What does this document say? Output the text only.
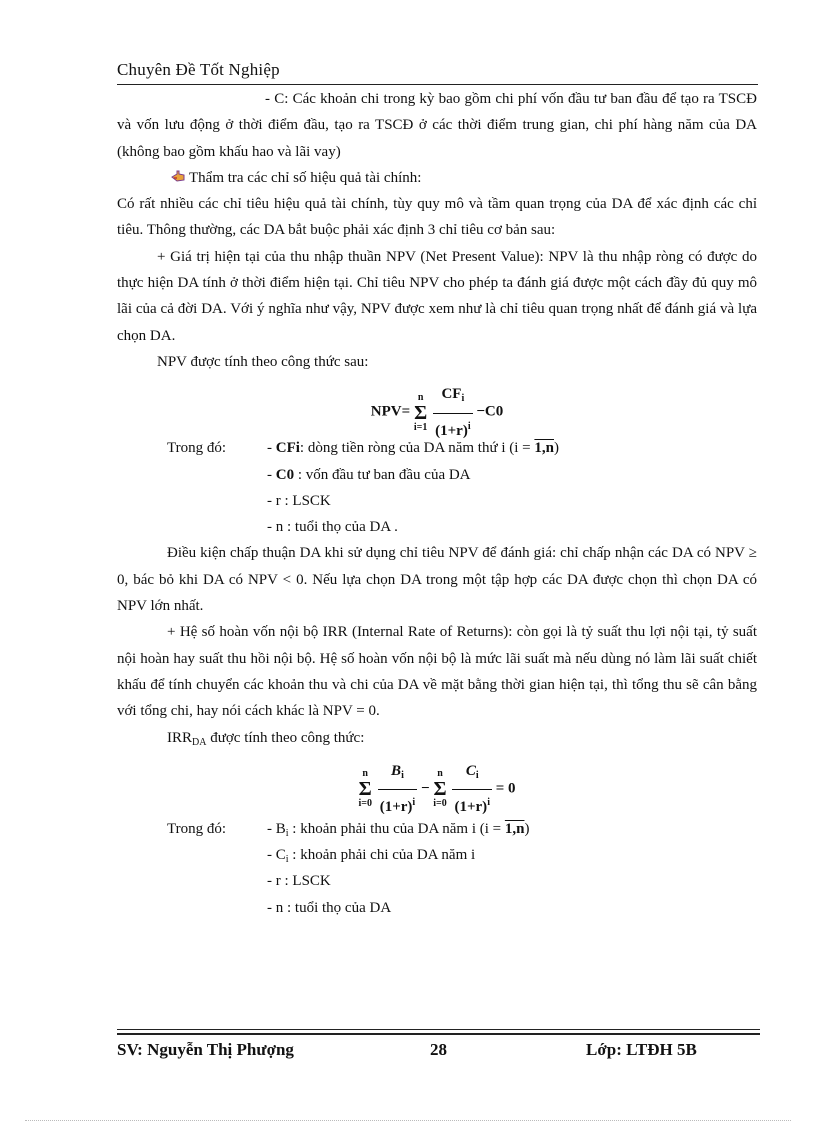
Chuyên Đề Tốt Nghiệp

- C: Các khoản chi trong kỳ bao gồm chi phí vốn đầu tư ban đầu để tạo ra TSCĐ và vốn lưu động ở thời điểm đầu, tạo ra TSCĐ ở các thời điểm trung gian, chi phí hàng năm của DA (không bao gồm khấu hao và lãi vay)

Thẩm tra các chỉ số hiệu quả tài chính:

Có rất nhiều các chỉ tiêu hiệu quả tài chính, tùy quy mô và tầm quan trọng của DA để xác định các chỉ tiêu. Thông thường, các DA bắt buộc phải xác định 3 chỉ tiêu cơ bản sau:

+ Giá trị hiện tại của thu nhập thuần NPV (Net Present Value): NPV là thu nhập ròng có được do thực hiện DA tính ở thời điểm hiện tại. Chỉ tiêu NPV cho phép ta đánh giá được một cách đầy đủ quy mô lãi của cả đời DA. Với ý nghĩa như vậy, NPV được xem như là chỉ tiêu quan trọng nhất để đánh giá và lựa chọn DA.

NPV được tính theo công thức sau:

NPV= n
Σ
$i=1 \frac{CF_i}{(1+r)^i} -C0$
Trong đó:	- CFi: dòng tiền ròng của DA năm thứ i (i = 1,n)
- C0 : vốn đầu tư ban đầu của DA
- r : LSCK
- n : tuổi thọ của DA .

Điều kiện chấp thuận DA khi sử dụng chỉ tiêu NPV để đánh giá: chỉ chấp nhận các DA có NPV ≥ 0, bác bỏ khi DA có NPV < 0. Nếu lựa chọn DA trong một tập hợp các DA được chọn thì chọn DA có NPV lớn nhất.

+ Hệ số hoàn vốn nội bộ IRR (Internal Rate of Returns): còn gọi là tỷ suất thu lợi nội tại, tỷ suất nội hoàn hay suất thu hồi nội bộ. Hệ số hoàn vốn nội bộ là mức lãi suất mà nếu dùng nó làm lãi suất chiết khấu để tính chuyển các khoản thu và chi của DA về mặt bằng thời gian hiện tại, thì tổng thu sẽ cân bằng với tổng chi, hay nói cách khác là NPV = 0.

$IRR_{DA}$ được tính theo công thức:

n
Σ
$i=0 \frac{B_i}{(1+r)^i} - n$
Σ
$i=0 \frac{C_i}{(1+r)^i} = 0$
Trong đó:	- $B_i$ : khoản phải thu của DA năm i (i = 1,n)
- $C_i$ : khoản phải chi của DA năm i
- r : LSCK
- n : tuổi thọ của DA
SV: Nguyễn Thị Phượng	28	Lớp: LTĐH 5B
